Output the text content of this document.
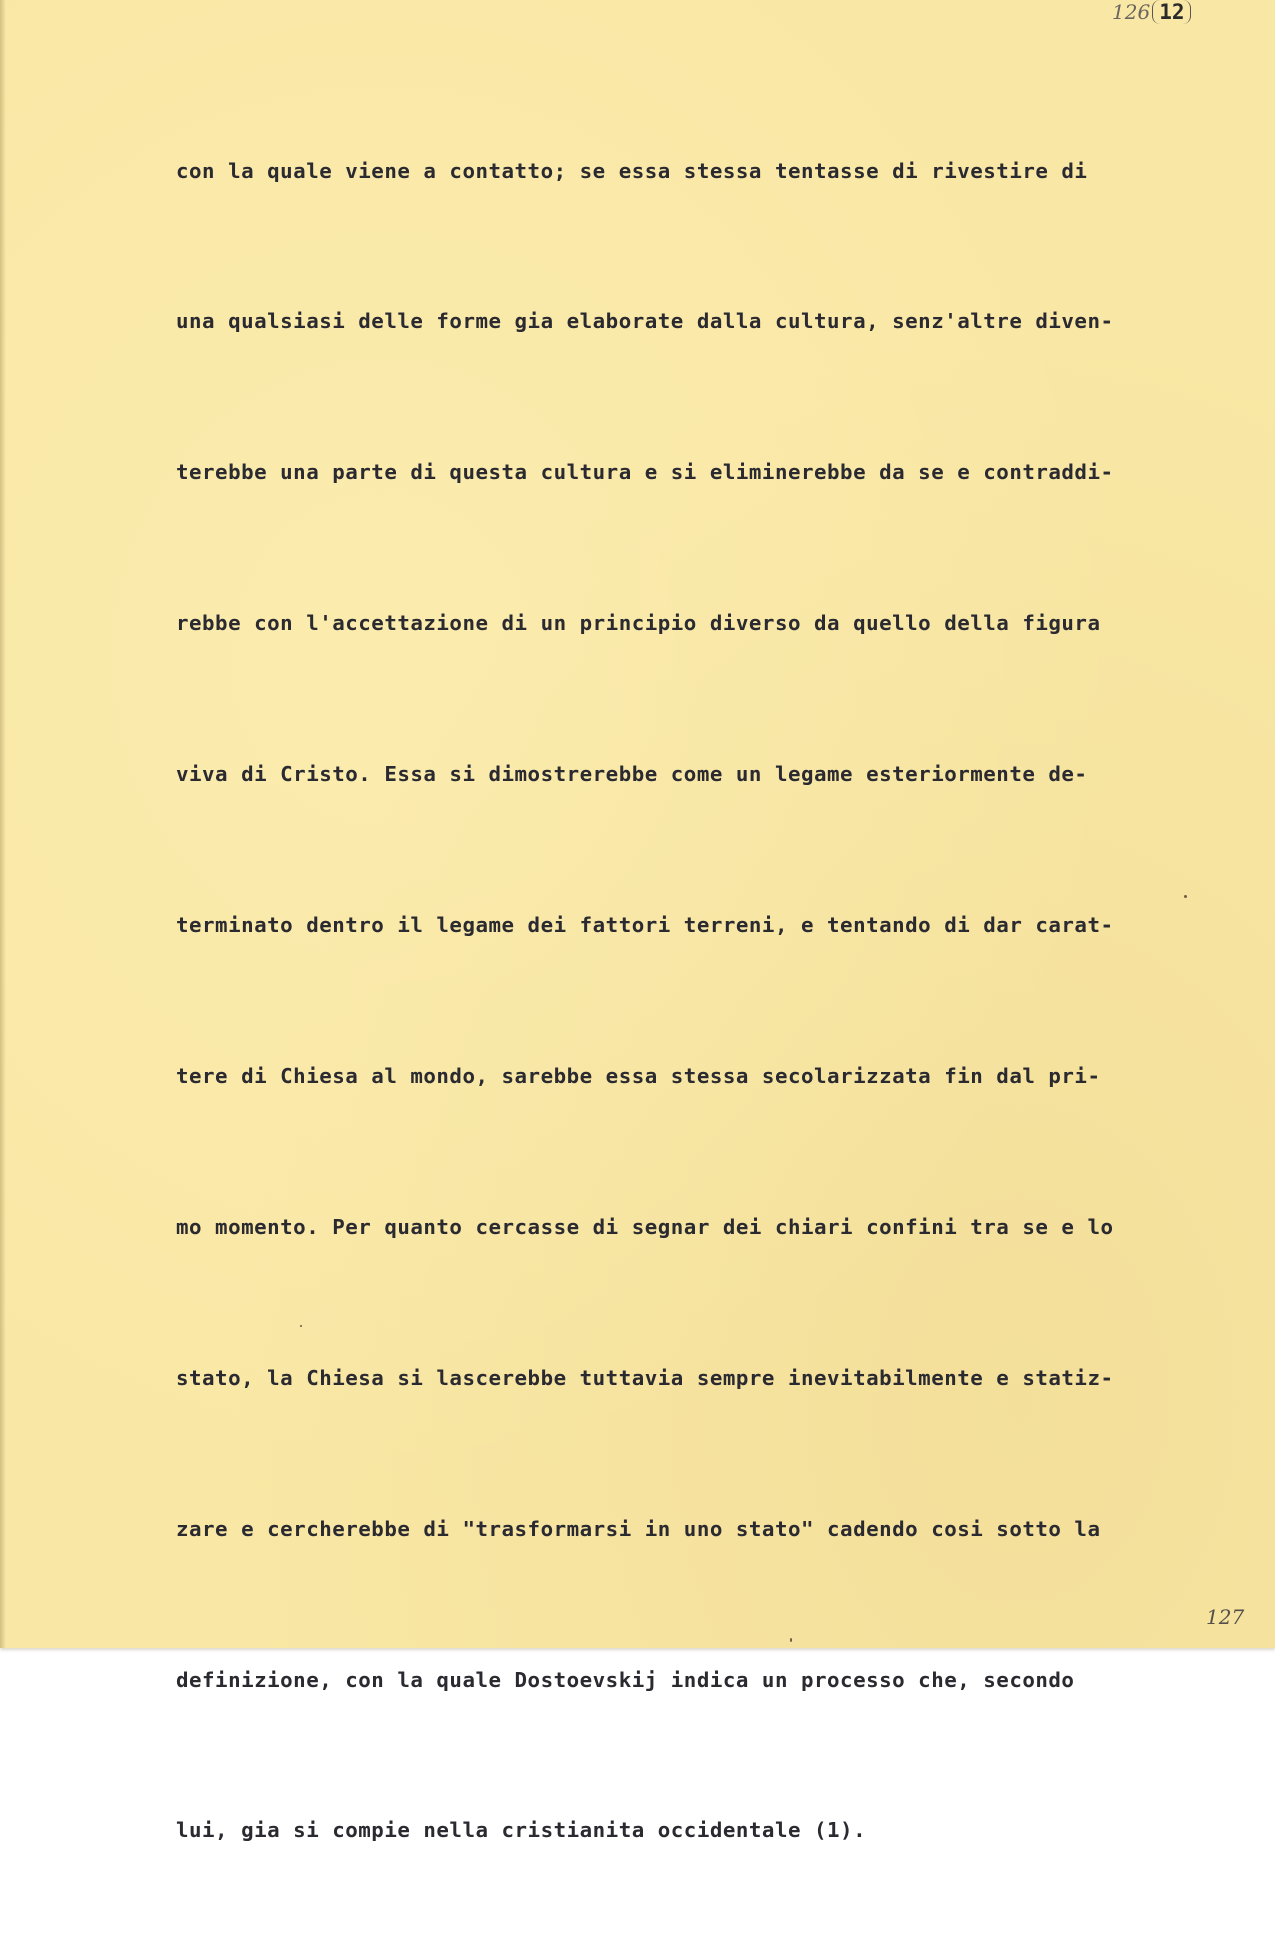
126 12

con la quale viene a contatto; se essa stessa tentasse di rivestire di

una qualsiasi delle forme gia elaborate dalla cultura, senz'altre diven-

terebbe una parte di questa cultura e si eliminerebbe da se e contraddi-

rebbe con l'accettazione di un principio diverso da quello della figura

viva di Cristo. Essa si dimostrerebbe come un legame esteriormente de-

terminato dentro il legame dei fattori terreni, e tentando di dar carat-

tere di Chiesa al mondo, sarebbe essa stessa secolarizzata fin dal pri-

mo momento. Per quanto cercasse di segnar dei chiari confini tra se e lo

stato, la Chiesa si lascerebbe tuttavia sempre inevitabilmente e statiz-

zare e cercherebbe di "trasformarsi in uno stato" cadendo cosi sotto la

definizione, con la quale Dostoevskij indica un processo che, secondo

lui, gia si compie nella cristianita occidentale (1).

127
